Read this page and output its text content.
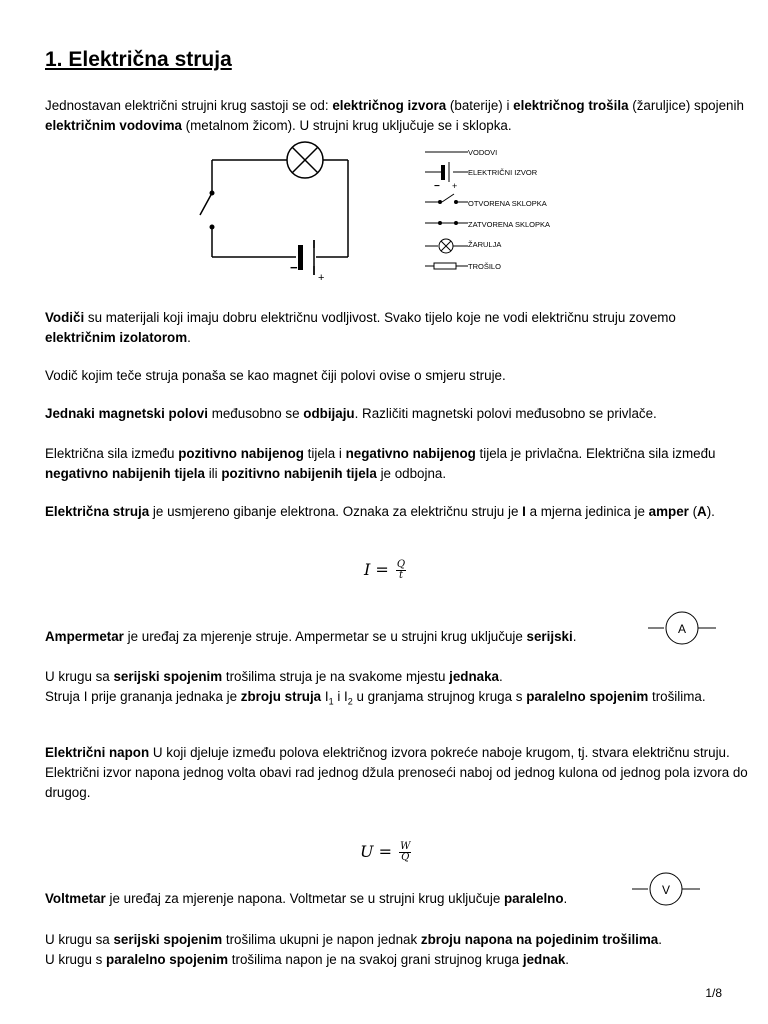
1. Električna struja

Jednostavan električni strujni krug sastoji se od: električnog izvora (baterije) i električnog trošila (žaruljice) spojenih električnim vodovima (metalnom žicom). U strujni krug uključuje se i sklopka.

−
+
− +
VODOVI
ELEKTRIČNI IZVOR
OTVORENA SKLOPKA
ZATVORENA SKLOPKA
ŽARULJA
TROŠILO

Vodiči su materijali koji imaju dobru električnu vodljivost. Svako tijelo koje ne vodi električnu struju zovemo električnim izolatorom.

Vodič kojim teče struja ponaša se kao magnet čiji polovi ovise o smjeru struje.

Jednaki magnetski polovi međusobno se odbijaju. Različiti magnetski polovi međusobno se privlače.

Električna sila između pozitivno nabijenog tijela i negativno nabijenog tijela je privlačna. Električna sila između negativno nabijenih tijela ili pozitivno nabijenih tijela je odbojna.

Električna struja je usmjereno gibanje elektrona. Oznaka za električnu struju je I a mjerna jedinica je amper (A).

$I = \frac{Q}{t}$

Ampermetar je uređaj za mjerenje struje. Ampermetar se u strujni krug uključuje serijski.	A

U krugu sa serijski spojenim trošilima struja je na svakome mjestu jednaka.
Struja I prije grananja jednaka je zbroju struja $I_1$ i $I_2$ u granjama strujnog kruga s paralelno spojenim trošilima.

Električni napon U koji djeluje između polova električnog izvora pokreće naboje krugom, tj. stvara električnu struju.
Električni izvor napona jednog volta obavi rad jednog džula prenoseći naboj od jednog kulona od jednog pola izvora do drugog.

$U = \frac{W}{Q}$

Voltmetar je uređaj za mjerenje napona. Voltmetar se u strujni krug uključuje paralelno.

V

U krugu sa serijski spojenim trošilima ukupni je napon jednak zbroju napona na pojedinim trošilima.
U krugu s paralelno spojenim trošilima napon je na svakoj grani strujnog kruga jednak.

1/8
